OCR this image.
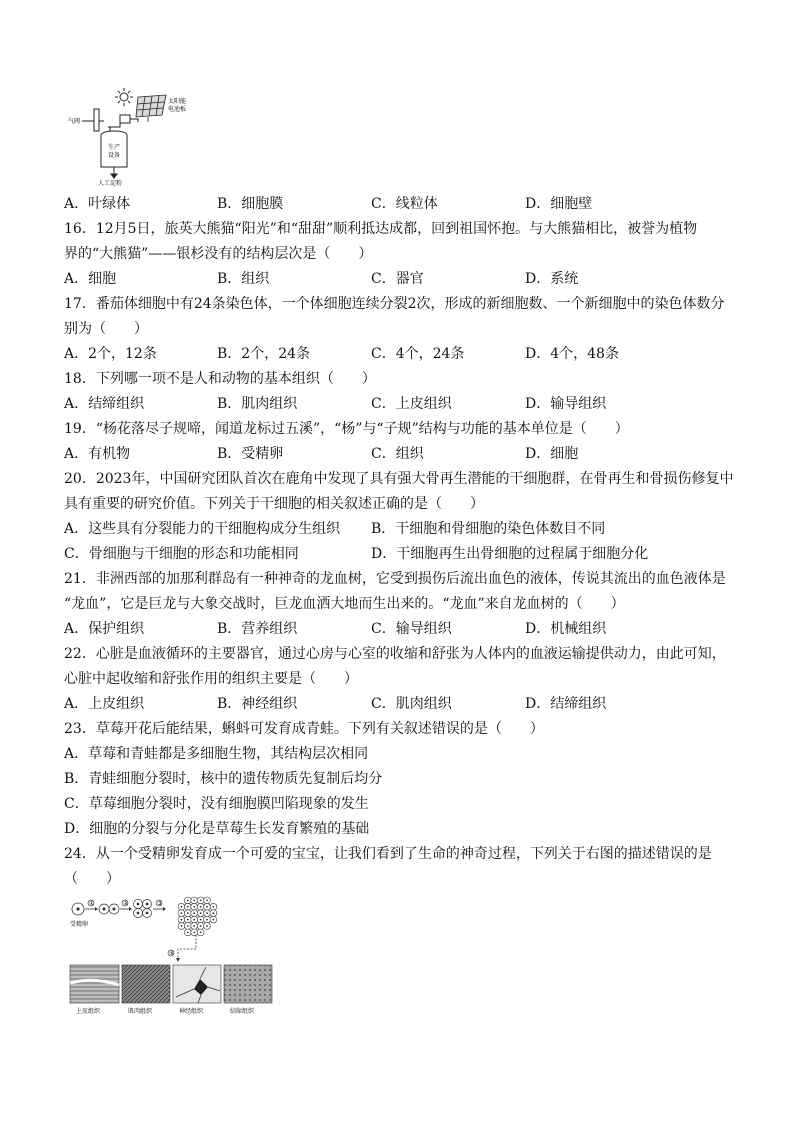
太阳能
电池板
气阀
生产
设备
人工淀粉
A．叶绿体	B．细胞膜	C．线粒体	D．细胞壁
16．12月5日，旅英大熊猫“阳光”和“甜甜”顺利抵达成都，回到祖国怀抱。与大熊猫相比，被誉为植物
界的“大熊猫”——银杉没有的结构层次是（　　）
A．细胞	B．组织	C．器官	D．系统
17．番茄体细胞中有24条染色体，一个体细胞连续分裂2次，形成的新细胞数、一个新细胞中的染色体数分
别为（　　）
A．2个，12条	B．2个，24条	C．4个，24条	D．4个，48条
18．下列哪一项不是人和动物的基本组织（　　）
A．结缔组织	B．肌肉组织	C．上皮组织	D．输导组织
19．“杨花落尽子规啼，闻道龙标过五溪”，“杨”与“子规”结构与功能的基本单位是（　　）
A．有机物	B．受精卵	C．组织	D．细胞
20．2023年，中国研究团队首次在鹿角中发现了具有强大骨再生潜能的干细胞群，在骨再生和骨损伤修复中
具有重要的研究价值。下列关于干细胞的相关叙述正确的是（　　）
A．这些具有分裂能力的干细胞构成分生组织 B．干细胞和骨细胞的染色体数目不同
C．骨细胞与干细胞的形态和功能相同	D．干细胞再生出骨细胞的过程属于细胞分化
21．非洲西部的加那利群岛有一种神奇的龙血树，它受到损伤后流出血色的液体，传说其流出的血色液体是
“龙血”，它是巨龙与大象交战时，巨龙血洒大地而生出来的。“龙血”来自龙血树的（　　）
A．保护组织	B．营养组织	C．输导组织	D．机械组织
22．心脏是血液循环的主要器官，通过心房与心室的收缩和舒张为人体内的血液运输提供动力，由此可知，
心脏中起收缩和舒张作用的组织主要是（　　）
A．上皮组织	B．神经组织	C．肌肉组织	D．结缔组织
23．草莓开花后能结果，蝌蚪可发育成青蛙。下列有关叙述错误的是（　　）
A．草莓和青蛙都是多细胞生物，其结构层次相同
B．青蛙细胞分裂时，核中的遗传物质先复制后均分
C．草莓细胞分裂时，没有细胞膜凹陷现象的发生
D．细胞的分裂与分化是草莓生长发育繁殖的基础
24．从一个受精卵发育成一个可爱的宝宝，让我们看到了生命的神奇过程，下列关于右图的描述错误的是
（　　）
受精卵
①	②	③
④
上皮组织	肌肉组织	神经组织	结缔组织
